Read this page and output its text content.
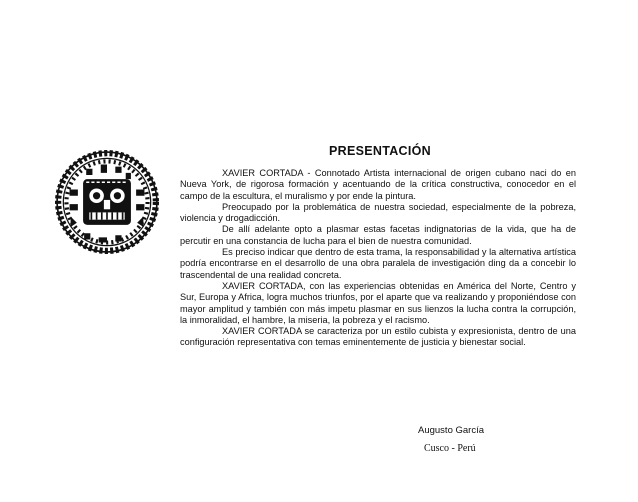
PRESENTACIÓN

XAVIER CORTADA - Connotado Artista internacional de origen cubano naci do en Nueva York, de rigorosa formación y acentuando de la crítica constructiva, conocedor en el campo de la escultura, el muralismo y por ende la pintura.

Preocupado por la problemática de nuestra sociedad, especialmente de la pobreza, violencia y drogadicción.

De allí adelante opto a plasmar estas facetas indignatorias de la vida, que ha de percutir en una constancia de lucha para el bien de nuestra comunidad.

Es preciso indicar que dentro de esta trama, la responsabilidad y la alternativa artística podría encontrarse en el desarrollo de una obra paralela de investigación ding da a concebir lo trascendental de una realidad concreta.

XAVIER CORTADA, con las experiencias obtenidas en América del Norte, Centro y Sur, Europa y Africa, logra muchos triunfos, por el aparte que va realizando y proponiéndose con mayor amplitud y también con más impetu plasmar en sus lienzos la lucha contra la corrupción, la inmoralidad, el hambre, la miseria, la pobreza y el racismo.

XAVIER CORTADA se caracteriza por un estilo cubista y expresionista, dentro de una configuración representativa con temas eminentemente de justicia y bienestar social.

Augusto García
Cusco - Perú
